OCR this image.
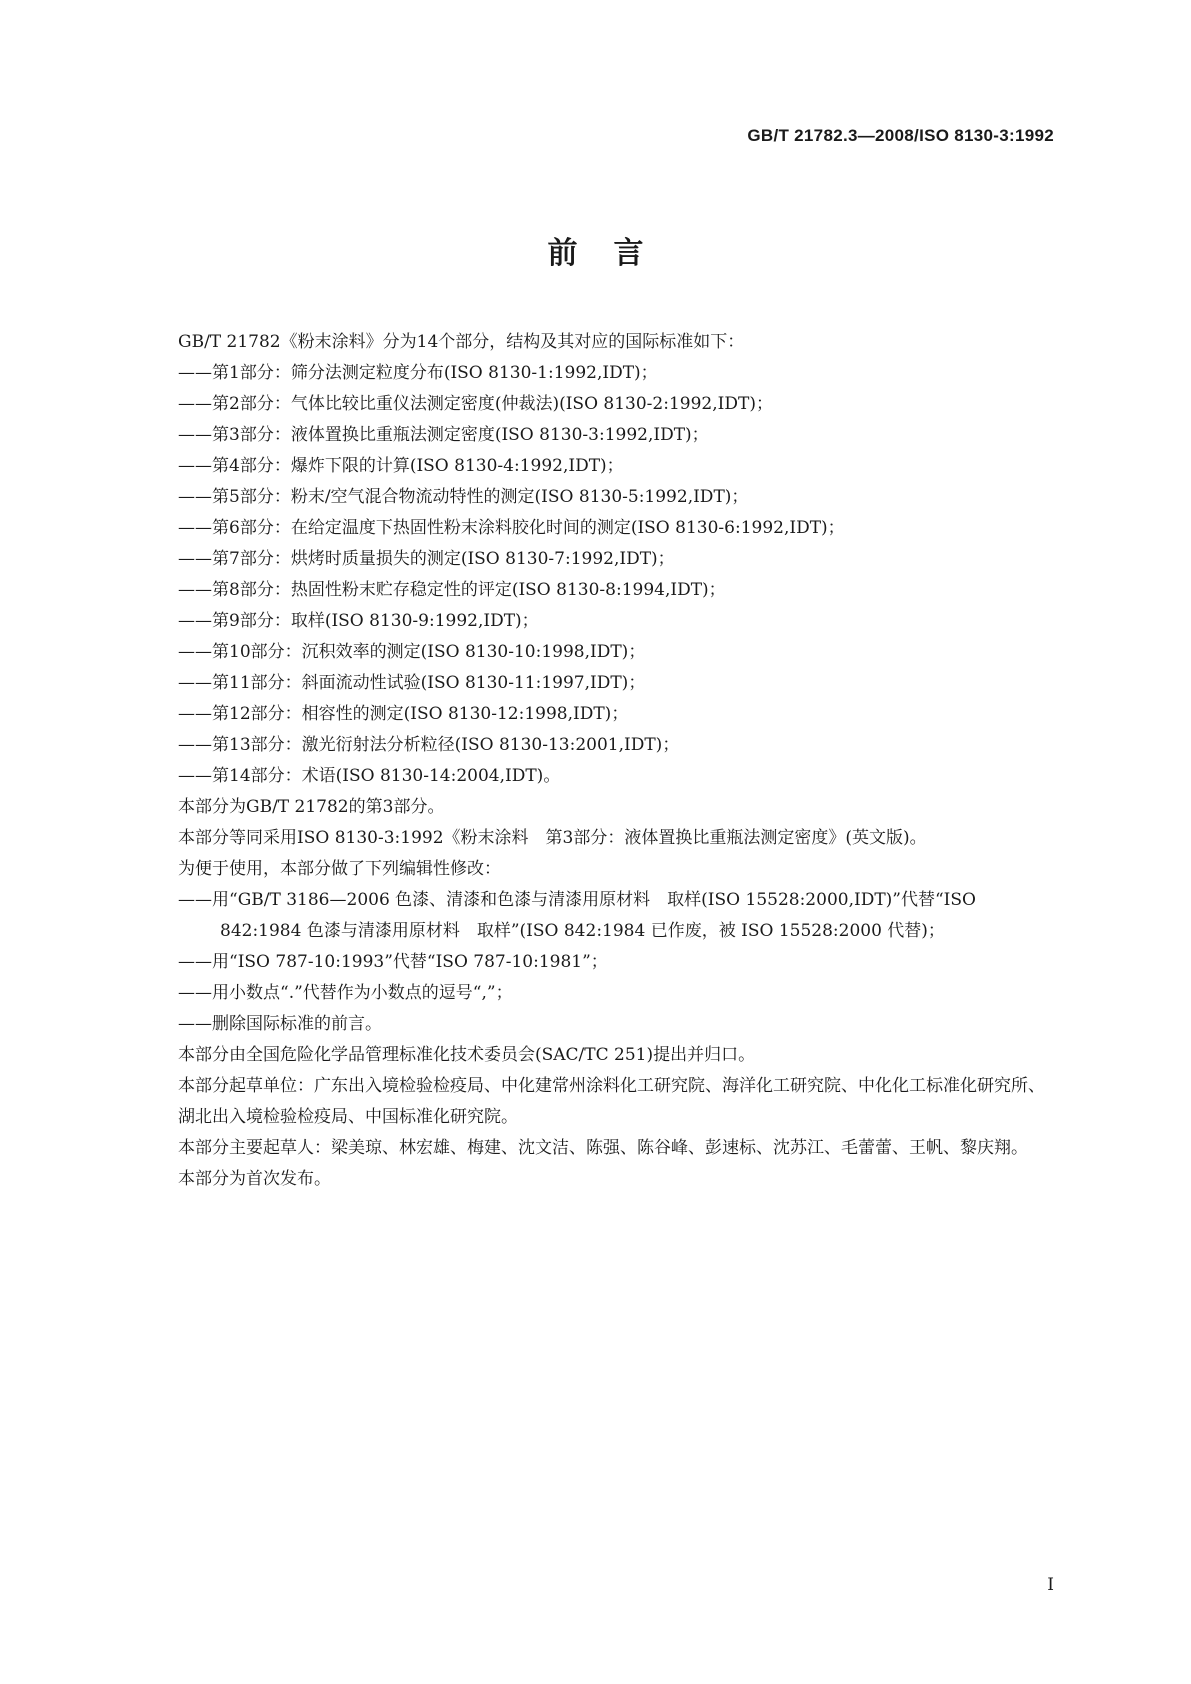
GB/T 21782.3—2008/ISO 8130-3:1992
前言
GB/T 21782《粉末涂料》分为14个部分，结构及其对应的国际标准如下：
——第1部分：筛分法测定粒度分布(ISO 8130-1:1992,IDT)；
——第2部分：气体比较比重仪法测定密度(仲裁法)(ISO 8130-2:1992,IDT)；
——第3部分：液体置换比重瓶法测定密度(ISO 8130-3:1992,IDT)；
——第4部分：爆炸下限的计算(ISO 8130-4:1992,IDT)；
——第5部分：粉末/空气混合物流动特性的测定(ISO 8130-5:1992,IDT)；
——第6部分：在给定温度下热固性粉末涂料胶化时间的测定(ISO 8130-6:1992,IDT)；
——第7部分：烘烤时质量损失的测定(ISO 8130-7:1992,IDT)；
——第8部分：热固性粉末贮存稳定性的评定(ISO 8130-8:1994,IDT)；
——第9部分：取样(ISO 8130-9:1992,IDT)；
——第10部分：沉积效率的测定(ISO 8130-10:1998,IDT)；
——第11部分：斜面流动性试验(ISO 8130-11:1997,IDT)；
——第12部分：相容性的测定(ISO 8130-12:1998,IDT)；
——第13部分：激光衍射法分析粒径(ISO 8130-13:2001,IDT)；
——第14部分：术语(ISO 8130-14:2004,IDT)。
本部分为GB/T 21782的第3部分。
本部分等同采用ISO 8130-3:1992《粉末涂料　第3部分：液体置换比重瓶法测定密度》(英文版)。
为便于使用，本部分做了下列编辑性修改：
——用“GB/T 3186—2006 色漆、清漆和色漆与清漆用原材料　取样(ISO 15528:2000,IDT)”代替“ISO 842:1984 色漆与清漆用原材料　取样”(ISO 842:1984 已作废，被 ISO 15528:2000 代替)；
——用“ISO 787-10:1993”代替“ISO 787-10:1981”；
——用小数点“.”代替作为小数点的逗号“,”；
——删除国际标准的前言。
本部分由全国危险化学品管理标准化技术委员会(SAC/TC 251)提出并归口。
本部分起草单位：广东出入境检验检疫局、中化建常州涂料化工研究院、海洋化工研究院、中化化工标准化研究所、湖北出入境检验检疫局、中国标准化研究院。
本部分主要起草人：梁美琼、林宏雄、梅建、沈文洁、陈强、陈谷峰、彭速标、沈苏江、毛蕾蕾、王帆、黎庆翔。
本部分为首次发布。
I
